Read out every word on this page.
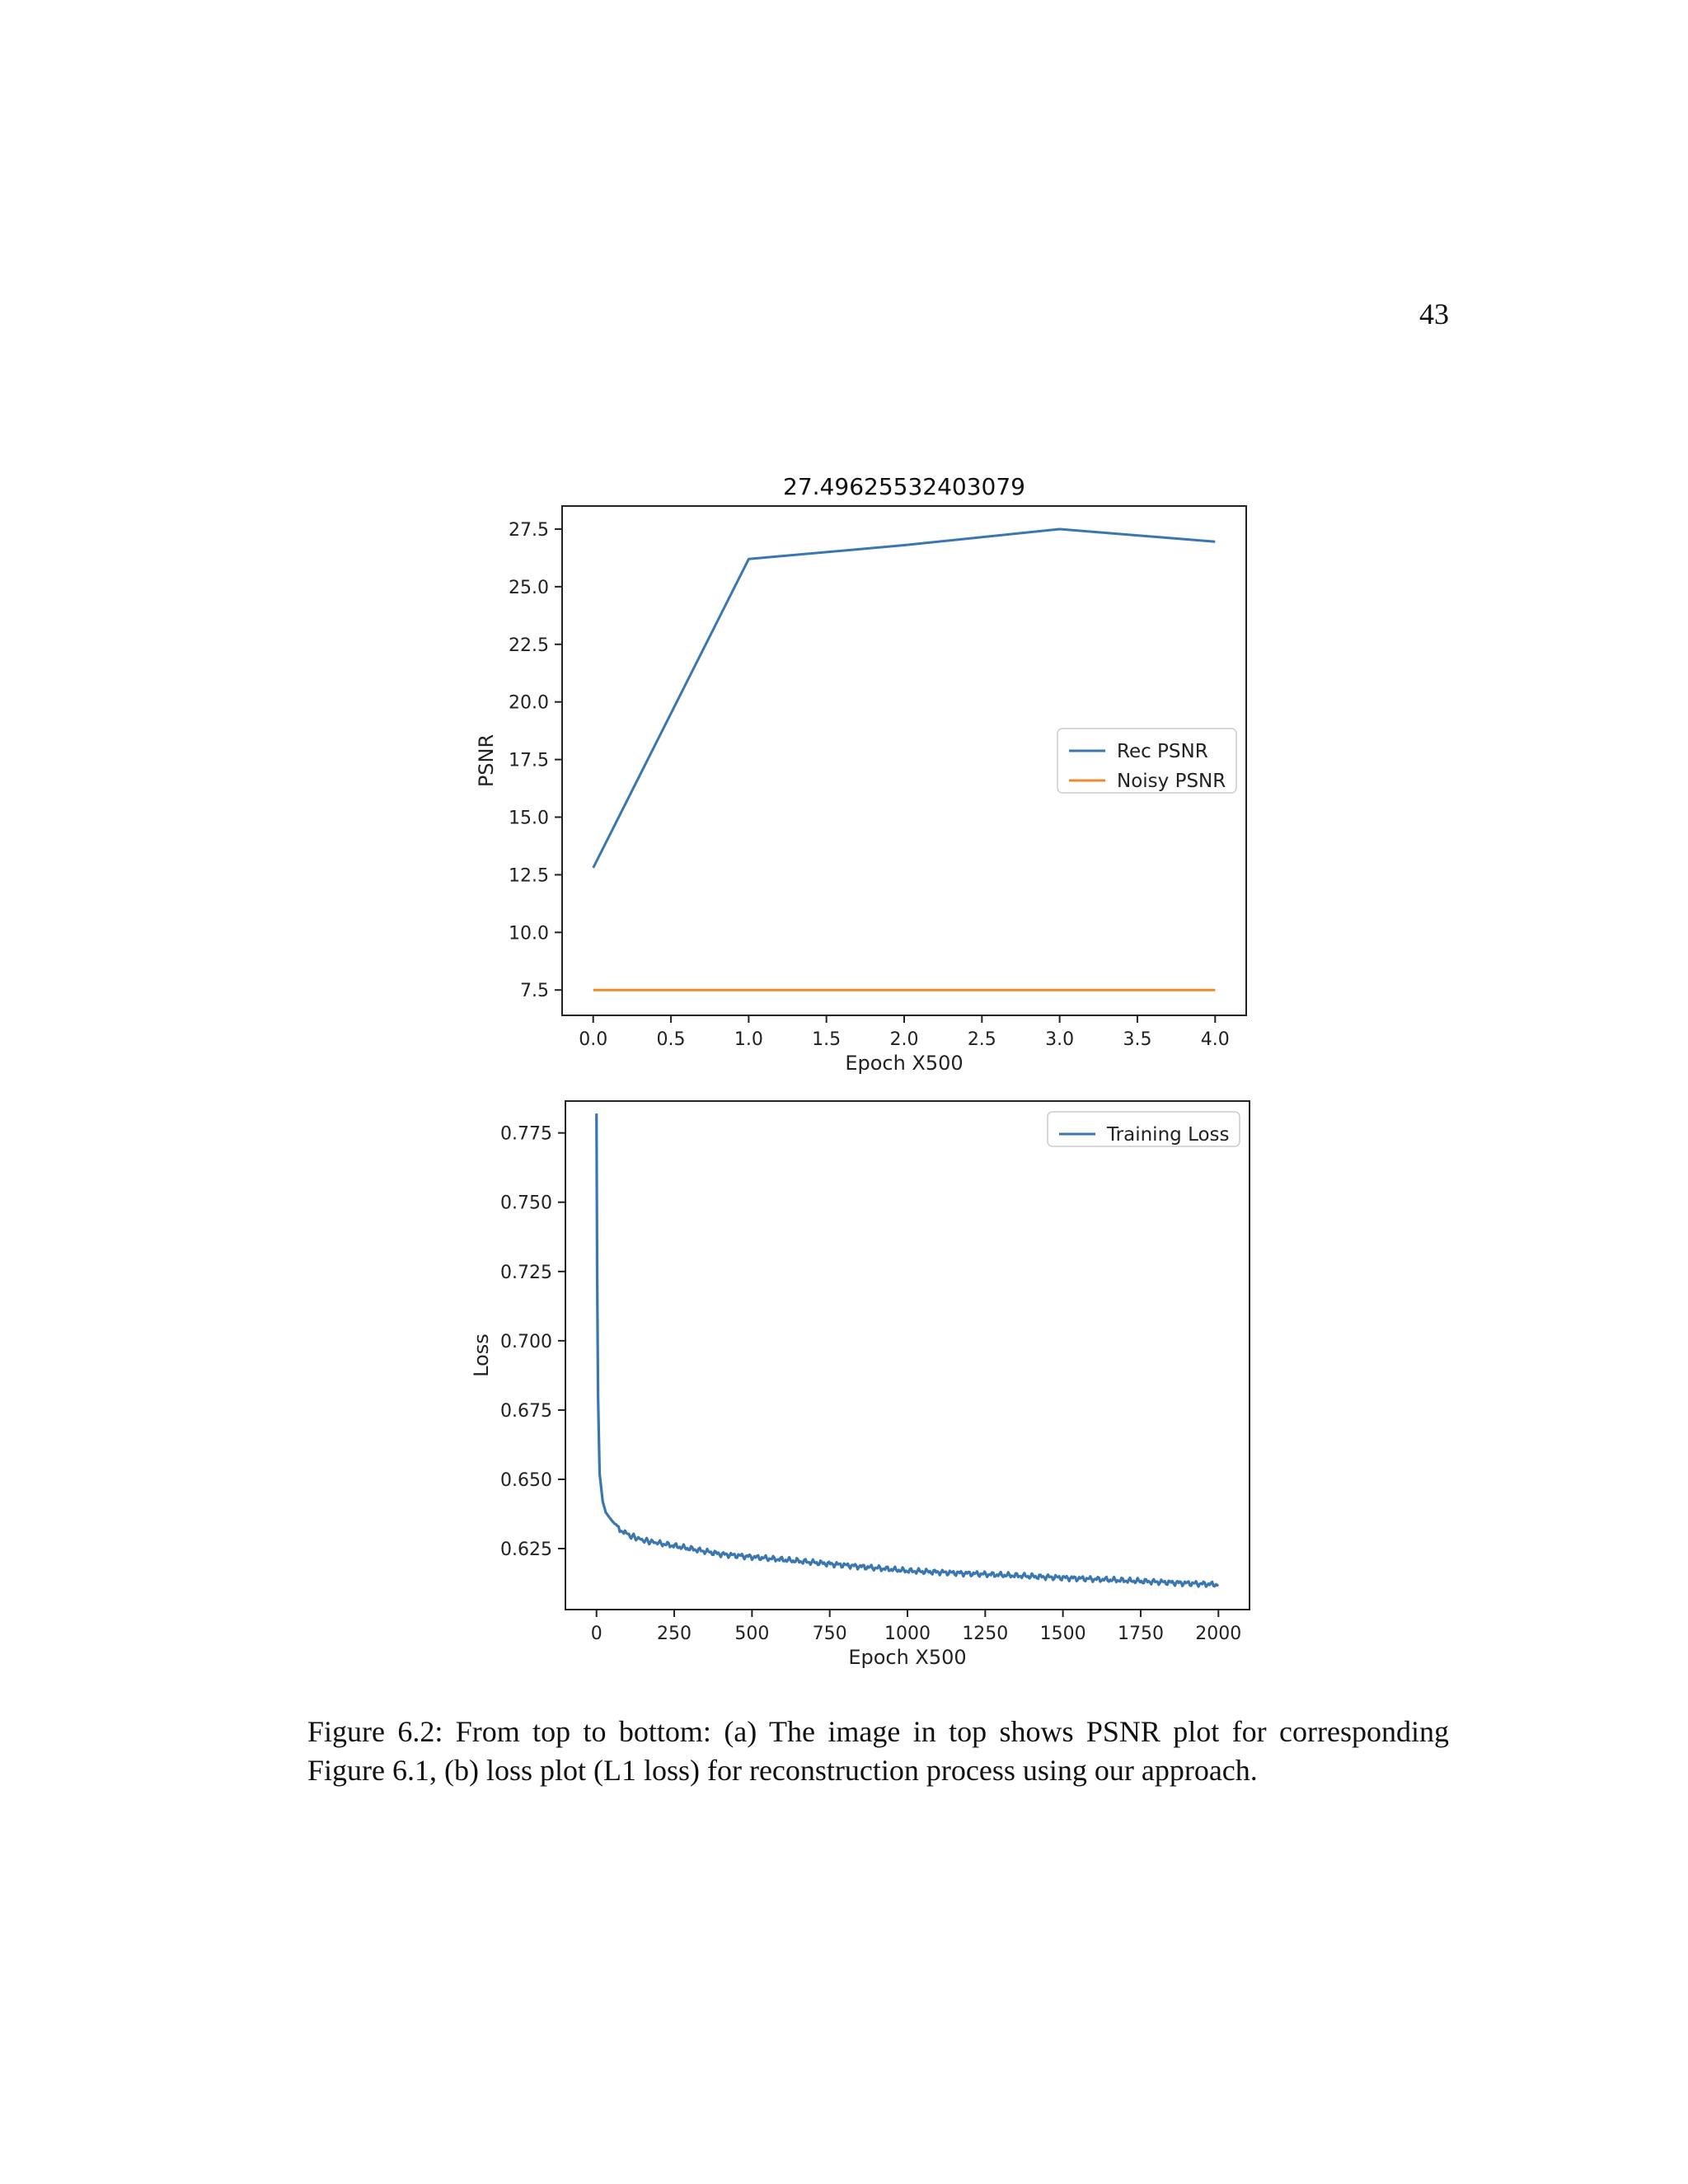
43
0.0	0.5	1.0	1.5	2.0	2.5	3.0	3.5	4.0
7.5
10.0
12.5
15.0
17.5
20.0
22.5
25.0
27.5
Epoch X500
PSNR
27.49625532403079
Rec PSNR
Noisy PSNR
0	250 500 750 1000 1250 1500 1750 2000
0.625
0.650
0.675
0.700
0.725
0.750
0.775
Epoch X500
Loss
Training Loss
Figure 6.2: From top to bottom: (a) The image in top shows PSNR plot for corresponding Figure 6.1, (b) loss plot (L1 loss) for reconstruction process using our approach.
